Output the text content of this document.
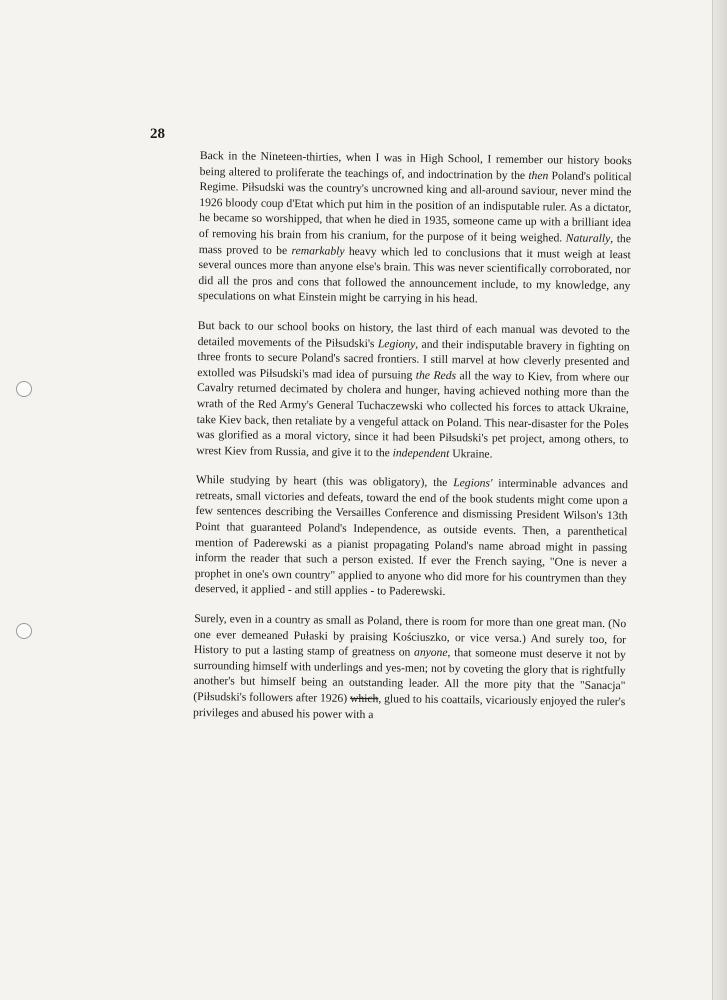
28

Back in the Nineteen-thirties, when I was in High School, I remember our history books being altered to proliferate the teachings of, and indoctrination by the then Poland's political Regime. Piłsudski was the country's uncrowned king and all-around saviour, never mind the 1926 bloody coup d'Etat which put him in the position of an indisputable ruler. As a dictator, he became so worshipped, that when he died in 1935, someone came up with a brilliant idea of removing his brain from his cranium, for the purpose of it being weighed. Naturally, the mass proved to be remarkably heavy which led to conclusions that it must weigh at least several ounces more than anyone else's brain. This was never scientifically corroborated, nor did all the pros and cons that followed the announcement include, to my knowledge, any speculations on what Einstein might be carrying in his head.

But back to our school books on history, the last third of each manual was devoted to the detailed movements of the Piłsudski's Legiony, and their indisputable bravery in fighting on three fronts to secure Poland's sacred frontiers. I still marvel at how cleverly presented and extolled was Piłsudski's mad idea of pursuing the Reds all the way to Kiev, from where our Cavalry returned decimated by cholera and hunger, having achieved nothing more than the wrath of the Red Army's General Tuchaczewski who collected his forces to attack Ukraine, take Kiev back, then retaliate by a vengeful attack on Poland. This near-disaster for the Poles was glorified as a moral victory, since it had been Piłsudski's pet project, among others, to wrest Kiev from Russia, and give it to the independent Ukraine.

While studying by heart (this was obligatory), the Legions' interminable advances and retreats, small victories and defeats, toward the end of the book students might come upon a few sentences describing the Versailles Conference and dismissing President Wilson's 13th Point that guaranteed Poland's Independence, as outside events. Then, a parenthetical mention of Paderewski as a pianist propagating Poland's name abroad might in passing inform the reader that such a person existed. If ever the French saying, "One is never a prophet in one's own country" applied to anyone who did more for his countrymen than they deserved, it applied - and still applies - to Paderewski.

Surely, even in a country as small as Poland, there is room for more than one great man. (No one ever demeaned Pułaski by praising Kościuszko, or vice versa.) And surely too, for History to put a lasting stamp of greatness on anyone, that someone must deserve it not by surrounding himself with underlings and yes-men; not by coveting the glory that is rightfully another's but himself being an outstanding leader. All the more pity that the "Sanacja" (Piłsudski's followers after 1926) which, glued to his coattails, vicariously enjoyed the ruler's privileges and abused his power with a
